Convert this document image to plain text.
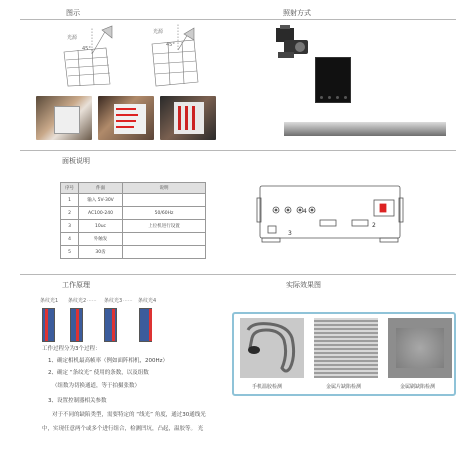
图示	照射方式
光源
45°
光源
45°
面板说明
序号	件面	说明
1	输入 5V-30V	
2	AC100-240	50/60Hz
3	10uc	上位机进行设置
4	外触发	
5	30齿	
4
2
3
工作原理	实际效果图
条纹光1 条纹光2	条纹光3	条纹光4
......	......
工作过程分为3个过程：
1、确定相机最高帧率（例如面阵相机，200Hz）
2、确定 “条纹光” 使用的条数，以及组数
（组数为切换通道，等于拍摄张数）
3、设置控制器相关参数
对于不同的缺陷类型，需要特定的 “线光” 角度，通过30通线光
中，实现任意两个或多个进行组合，检测凹坑，凸起，温胶等。 光
手机温胶检测	金属片缺陷检测	金属刷缺陷检测
